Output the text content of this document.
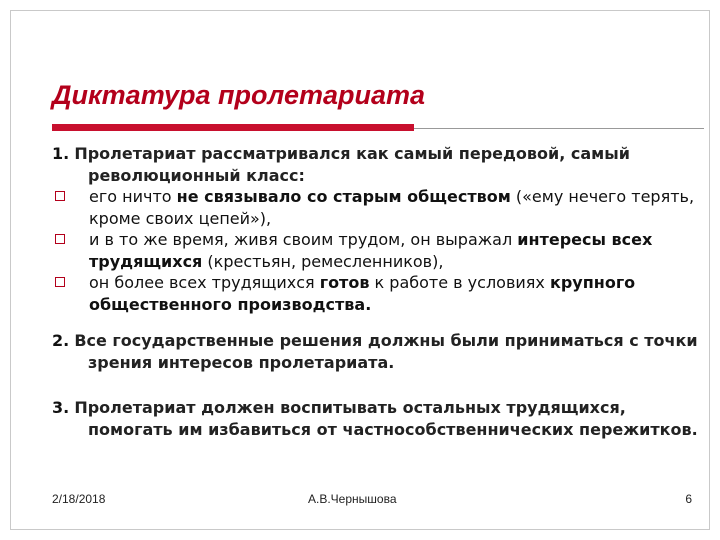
Диктатура пролетариата

1. Пролетариат рассматривался как самый передовой, самый революционный класс:

его ничто не связывало со старым обществом («ему нечего терять, кроме своих цепей»),
и в то же время, живя своим трудом, он выражал интересы всех трудящихся (крестьян, ремесленников),
он более всех трудящихся готов к работе в условиях крупного общественного производства.

2. Все государственные решения должны были приниматься с точки зрения интересов пролетариата.

3. Пролетариат должен воспитывать остальных трудящихся, помогать им избавиться от частнособственнических пережитков.

2/18/2018	А.В.Чернышова	6
